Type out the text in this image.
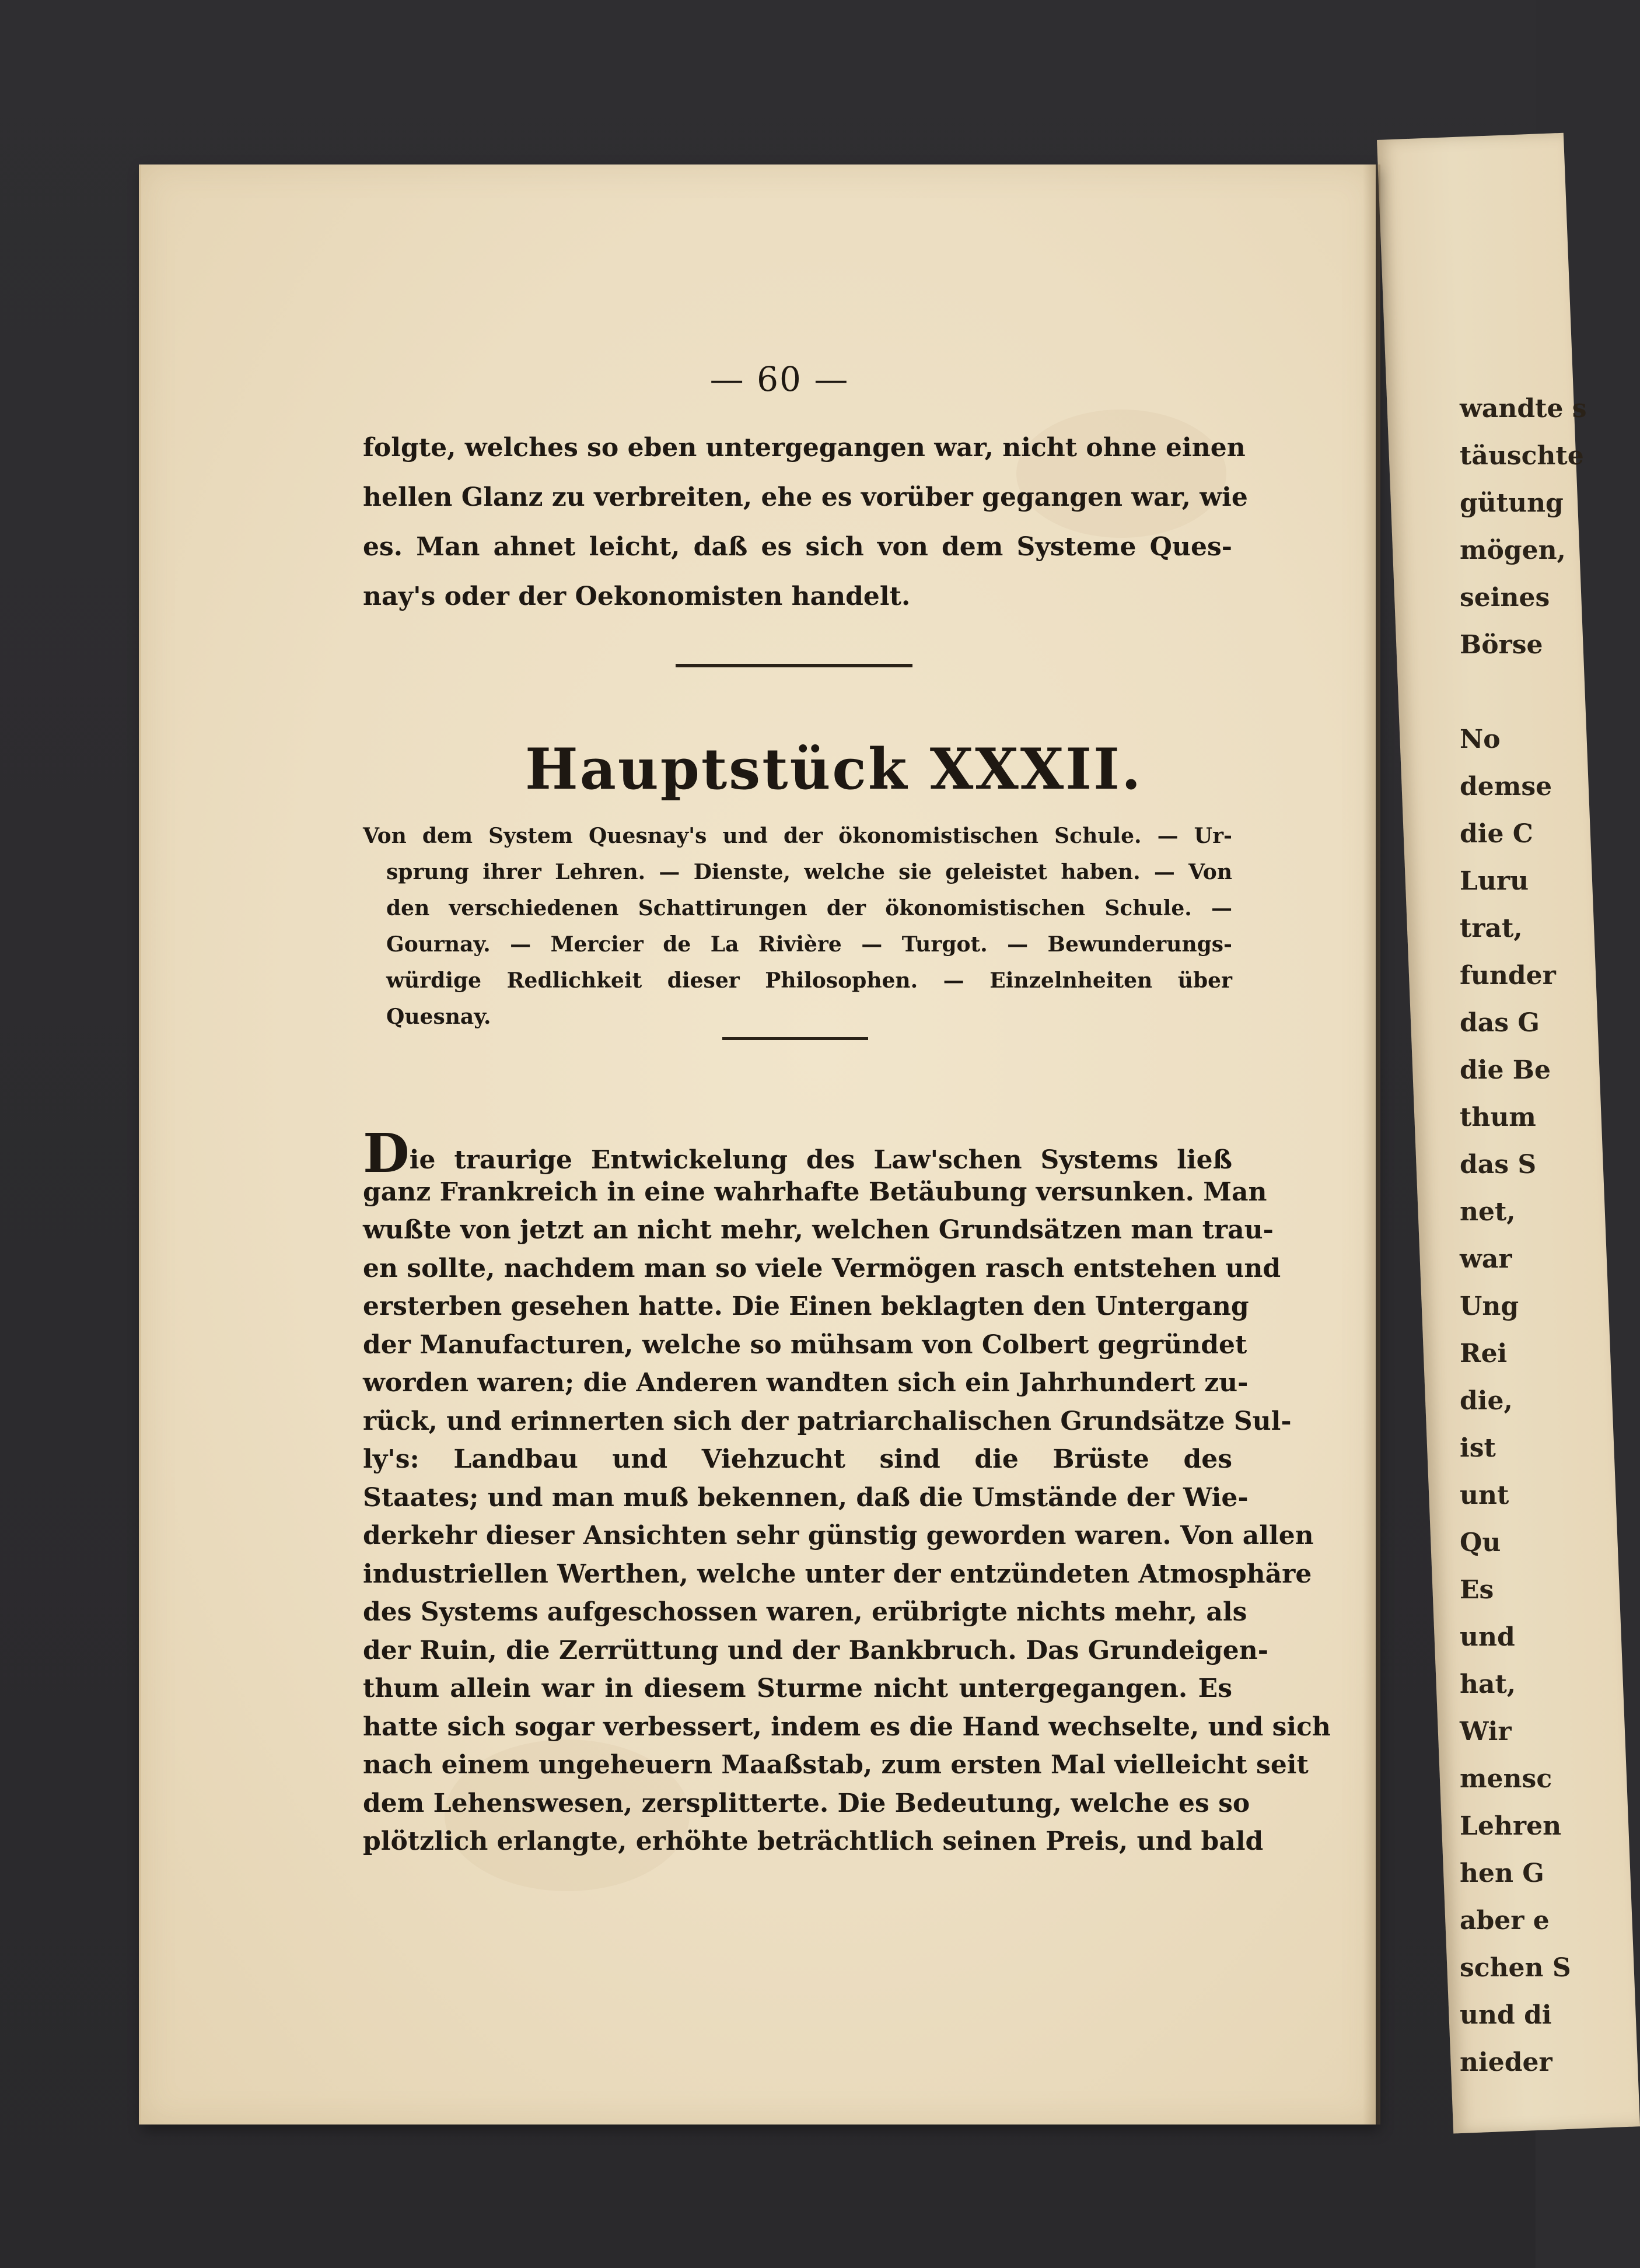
wandte s
täuschte
gütung
mögen,
seines
Börse
No
demse
die C
Luru
trat,
funder
das G
die Be
thum
das S
net,
war
Ung
Rei
die,
ist
unt
Qu
Es
und
hat,
Wir
mensc
Lehren
hen G
aber e
schen S
und di
nieder
— 60 —
folgte, welches so eben untergegangen war, nicht ohne einen
hellen Glanz zu verbreiten, ehe es vorüber gegangen war, wie
es. Man ahnet leicht, daß es sich von dem Systeme Ques-
nay's oder der Oekonomisten handelt.
Hauptstück XXXII.
Von dem System Quesnay's und der ökonomistischen Schule. — Ur-
sprung ihrer Lehren. — Dienste, welche sie geleistet haben. — Von
den verschiedenen Schattirungen der ökonomistischen Schule. —
Gournay. — Mercier de La Rivière — Turgot. — Bewunderungs-
würdige Redlichkeit dieser Philosophen. — Einzelnheiten über
Quesnay.
Die traurige Entwickelung des Law'schen Systems ließ
ganz Frankreich in eine wahrhafte Betäubung versunken. Man
wußte von jetzt an nicht mehr, welchen Grundsätzen man trau-
en sollte, nachdem man so viele Vermögen rasch entstehen und
ersterben gesehen hatte. Die Einen beklagten den Untergang
der Manufacturen, welche so mühsam von Colbert gegründet
worden waren; die Anderen wandten sich ein Jahrhundert zu-
rück, und erinnerten sich der patriarchalischen Grundsätze Sul-
ly's: Landbau und Viehzucht sind die Brüste des
Staates; und man muß bekennen, daß die Umstände der Wie-
derkehr dieser Ansichten sehr günstig geworden waren. Von allen
industriellen Werthen, welche unter der entzündeten Atmosphäre
des Systems aufgeschossen waren, erübrigte nichts mehr, als
der Ruin, die Zerrüttung und der Bankbruch. Das Grundeigen-
thum allein war in diesem Sturme nicht untergegangen. Es
hatte sich sogar verbessert, indem es die Hand wechselte, und sich
nach einem ungeheuern Maaßstab, zum ersten Mal vielleicht seit
dem Lehenswesen, zersplitterte. Die Bedeutung, welche es so
plötzlich erlangte, erhöhte beträchtlich seinen Preis, und bald
